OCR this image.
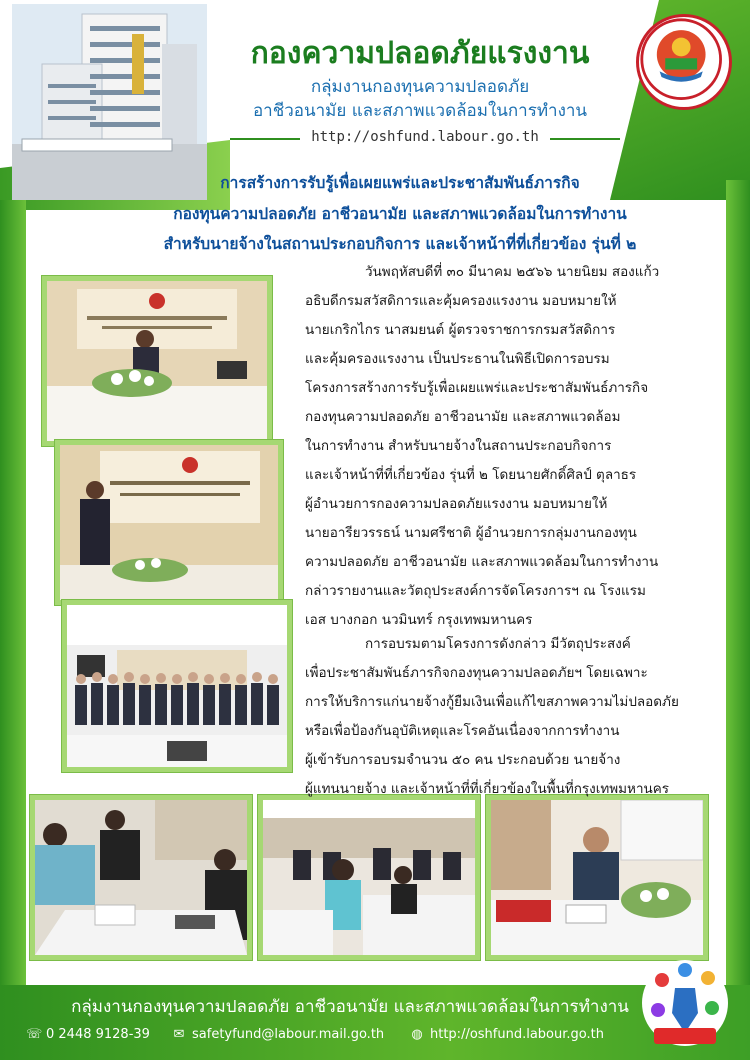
กองความปลอดภัยแรงงาน
กลุ่มงานกองทุนความปลอดภัย
อาชีวอนามัย และสภาพแวดล้อมในการทำงาน
http://oshfund.labour.go.th
การสร้างการรับรู้เพื่อเผยแพร่และประชาสัมพันธ์ภารกิจ
กองทุนความปลอดภัย อาชีวอนามัย และสภาพแวดล้อมในการทำงาน
สำหรับนายจ้างในสถานประกอบกิจการ และเจ้าหน้าที่ที่เกี่ยวข้อง รุ่นที่ ๒
วันพฤหัสบดีที่ ๓๐ มีนาคม ๒๕๖๖ นายนิยม สองแก้ว
อธิบดีกรมสวัสดิการและคุ้มครองแรงงาน มอบหมายให้
นายเกริกไกร นาสมยนต์ ผู้ตรวจราชการกรมสวัสดิการ
และคุ้มครองแรงงาน เป็นประธานในพิธีเปิดการอบรม
โครงการสร้างการรับรู้เพื่อเผยแพร่และประชาสัมพันธ์ภารกิจ
กองทุนความปลอดภัย อาชีวอนามัย และสภาพแวดล้อม
ในการทำงาน สำหรับนายจ้างในสถานประกอบกิจการ
และเจ้าหน้าที่ที่เกี่ยวข้อง รุ่นที่ ๒ โดยนายศักดิ์ศิลป์ ตุลาธร
ผู้อำนวยการกองความปลอดภัยแรงงาน มอบหมายให้
นายอารียวรรธน์ นามศรีชาติ ผู้อำนวยการกลุ่มงานกองทุน
ความปลอดภัย อาชีวอนามัย และสภาพแวดล้อมในการทำงาน
กล่าวรายงานและวัตถุประสงค์การจัดโครงการฯ ณ โรงแรม
เอส บางกอก นวมินทร์ กรุงเทพมหานคร
การอบรมตามโครงการดังกล่าว มีวัตถุประสงค์
เพื่อประชาสัมพันธ์ภารกิจกองทุนความปลอดภัยฯ โดยเฉพาะ
การให้บริการแก่นายจ้างกู้ยืมเงินเพื่อแก้ไขสภาพความไม่ปลอดภัย
หรือเพื่อป้องกันอุบัติเหตุและโรคอันเนื่องจากการทำงาน
ผู้เข้ารับการอบรมจำนวน ๕๐ คน ประกอบด้วย นายจ้าง
ผู้แทนนายจ้าง และเจ้าหน้าที่ที่เกี่ยวข้องในพื้นที่กรุงเทพมหานคร
กลุ่มงานกองทุนความปลอดภัย อาชีวอนามัย และสภาพแวดล้อมในการทำงาน
☏ 0 2448 9128-39 ✉ safetyfund@labour.mail.go.th ◍ http://oshfund.labour.go.th
